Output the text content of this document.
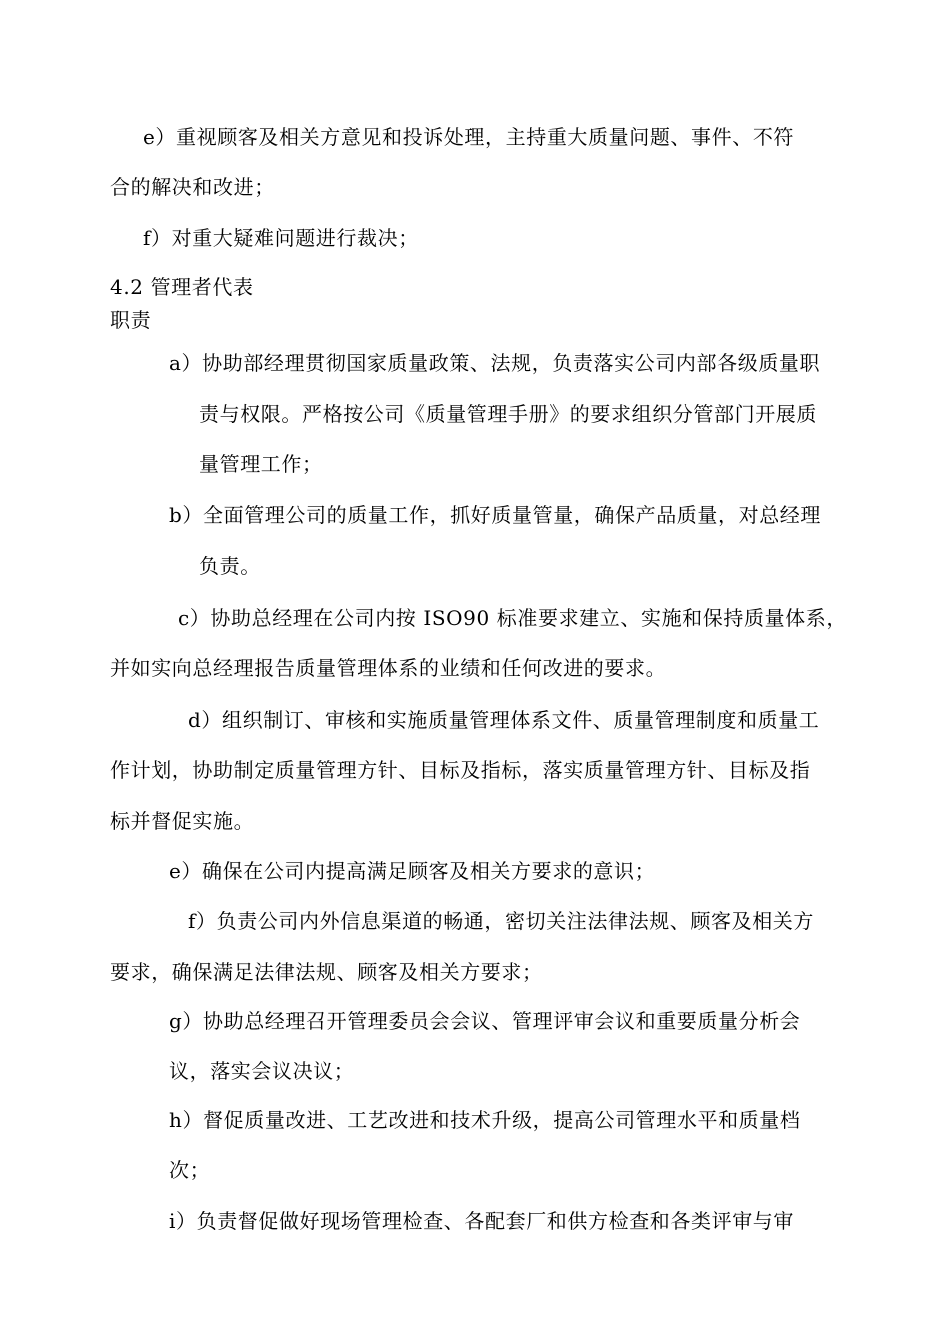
e）重视顾客及相关方意见和投诉处理，主持重大质量问题、事件、不符
合的解决和改进；
f）对重大疑难问题进行裁决；
4.2 管理者代表
职责
a）协助部经理贯彻国家质量政策、法规，负责落实公司内部各级质量职
责与权限。严格按公司《质量管理手册》的要求组织分管部门开展质
量管理工作；
b）全面管理公司的质量工作，抓好质量管量，确保产品质量，对总经理
负责。
c）协助总经理在公司内按 ISO90 标准要求建立、实施和保持质量体系，
并如实向总经理报告质量管理体系的业绩和任何改进的要求。
d）组织制订、审核和实施质量管理体系文件、质量管理制度和质量工
作计划，协助制定质量管理方针、目标及指标，落实质量管理方针、目标及指
标并督促实施。
e）确保在公司内提高满足顾客及相关方要求的意识；
f）负责公司内外信息渠道的畅通，密切关注法律法规、顾客及相关方
要求，确保满足法律法规、顾客及相关方要求；
g）协助总经理召开管理委员会会议、管理评审会议和重要质量分析会
议，落实会议决议；
h）督促质量改进、工艺改进和技术升级，提高公司管理水平和质量档
次；
i）负责督促做好现场管理检查、各配套厂和供方检查和各类评审与审
